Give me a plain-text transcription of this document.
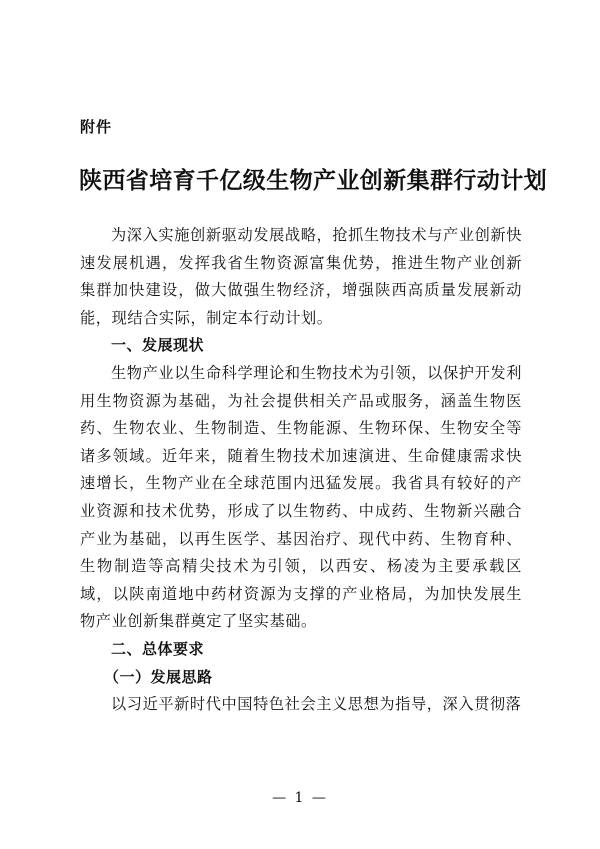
附件
陕西省培育千亿级生物产业创新集群行动计划

为深入实施创新驱动发展战略，抢抓生物技术与产业创新快速发展机遇，发挥我省生物资源富集优势，推进生物产业创新集群加快建设，做大做强生物经济，增强陕西高质量发展新动能，现结合实际，制定本行动计划。

一、发展现状

生物产业以生命科学理论和生物技术为引领，以保护开发利用生物资源为基础，为社会提供相关产品或服务，涵盖生物医药、生物农业、生物制造、生物能源、生物环保、生物安全等诸多领域。近年来，随着生物技术加速演进、生命健康需求快速增长，生物产业在全球范围内迅猛发展。我省具有较好的产业资源和技术优势，形成了以生物药、中成药、生物新兴融合产业为基础，以再生医学、基因治疗、现代中药、生物育种、生物制造等高精尖技术为引领，以西安、杨凌为主要承载区域，以陕南道地中药材资源为支撑的产业格局，为加快发展生物产业创新集群奠定了坚实基础。

二、总体要求

（一）发展思路

以习近平新时代中国特色社会主义思想为指导，深入贯彻落

— 1 —
